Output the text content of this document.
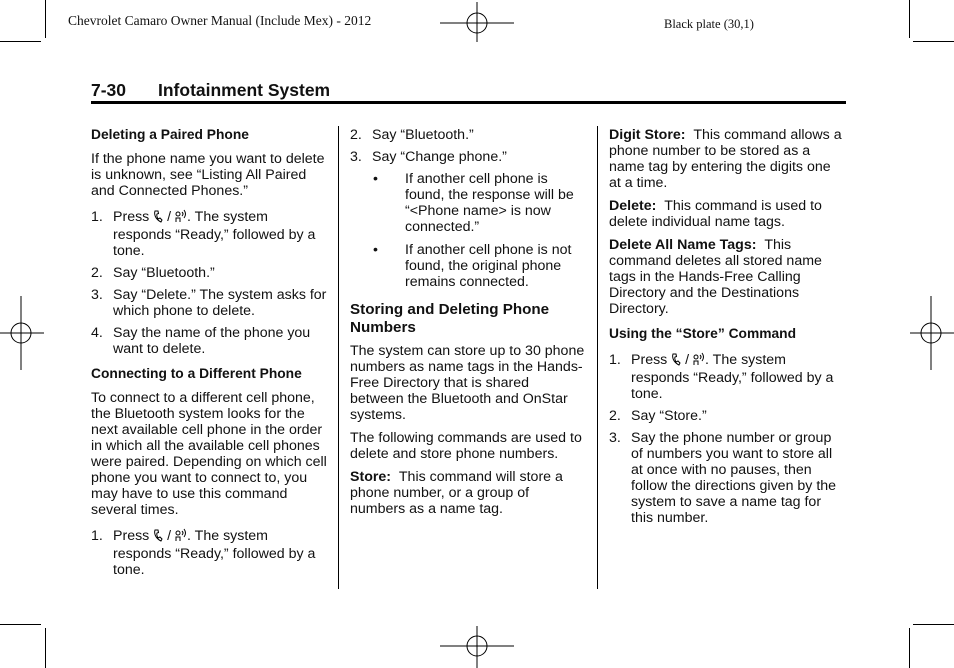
Chevrolet Camaro Owner Manual (Include Mex) - 2012	Black plate (30,1)
7-30 Infotainment System

Deleting a Paired Phone

If the phone name you want to delete is unknown, see “Listing All Paired and Connected Phones.”

1. Press  / . The system responds “Ready,” followed by a tone.
2. Say “Bluetooth.”
3. Say “Delete.” The system asks for which phone to delete.
4. Say the name of the phone you want to delete.

Connecting to a Different Phone

To connect to a different cell phone, the Bluetooth system looks for the next available cell phone in the order in which all the available cell phones were paired. Depending on which cell phone you want to connect to, you may have to use this command several times.

1. Press  / . The system responds “Ready,” followed by a tone.
2. Say “Bluetooth.”
3. Say “Change phone.”
•	If another cell phone is found, the response will be “<Phone name> is now connected.”
•	If another cell phone is not found, the original phone remains connected.

Storing and Deleting Phone Numbers

The system can store up to 30 phone numbers as name tags in the Hands-Free Directory that is shared between the Bluetooth and OnStar systems.

The following commands are used to delete and store phone numbers.

Store: This command will store a phone number, or a group of numbers as a name tag.

Digit Store: This command allows a phone number to be stored as a name tag by entering the digits one at a time.

Delete: This command is used to delete individual name tags.

Delete All Name Tags: This command deletes all stored name tags in the Hands-Free Calling Directory and the Destinations Directory.

Using the “Store” Command

1. Press  / . The system responds “Ready,” followed by a tone.
2. Say “Store.”
3. Say the phone number or group of numbers you want to store all at once with no pauses, then follow the directions given by the system to save a name tag for this number.
